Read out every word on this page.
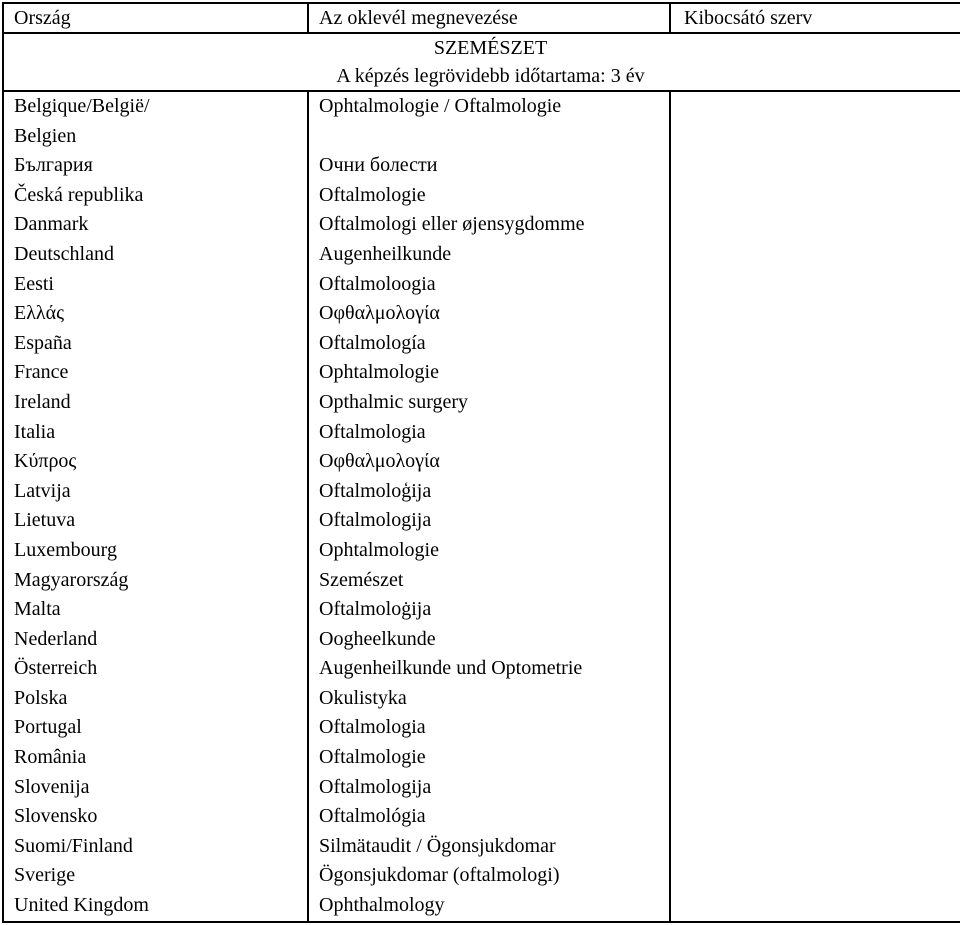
Ország	Az oklevél megnevezése	Kibocsátó szerv

SZEMÉSZET
A képzés legrövidebb időtartama: 3 év		

Belgique/België/	Ophtalmologie / Oftalmologie	
Belgien		
България	Очни болести	
Česká republika	Oftalmologie	
Danmark	Oftalmologi eller øjensygdomme	
Deutschland	Augenheilkunde	
Eesti	Oftalmoloogia	
Ελλάς	Οφθαλμολογία	
España	Oftalmología	
France	Ophtalmologie	
Ireland	Opthalmic surgery	
Italia	Oftalmologia	
Κύπρος	Οφθαλμολογία	
Latvija	Oftalmoloģija	
Lietuva	Oftalmologija	
Luxembourg	Ophtalmologie	
Magyarország	Szemészet	
Malta	Oftalmoloġija	
Nederland	Oogheelkunde	
Österreich	Augenheilkunde und Optometrie	
Polska	Okulistyka	
Portugal	Oftalmologia	
România	Oftalmologie	
Slovenija	Oftalmologija	
Slovensko	Oftalmológia	
Suomi/Finland	Silmätaudit / Ögonsjukdomar	
Sverige	Ögonsjukdomar (oftalmologi)	
United Kingdom	Ophthalmology	
